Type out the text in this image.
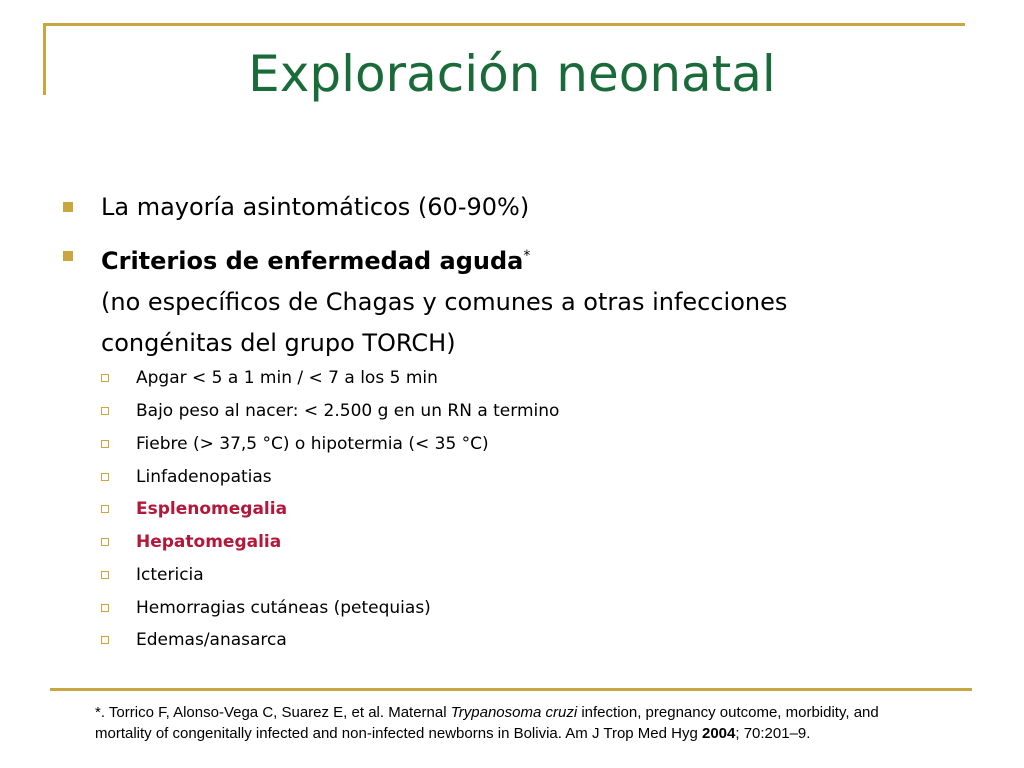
Exploración neonatal
La mayoría asintomáticos (60-90%)
Criterios de enfermedad aguda*
(no específicos de Chagas y comunes a otras infecciones
congénitas del grupo TORCH)
Apgar < 5 a 1 min / < 7 a los 5 min
Bajo peso al nacer: < 2.500 g en un RN a termino
Fiebre (> 37,5 °C) o hipotermia (< 35 °C)
Linfadenopatias
Esplenomegalia
Hepatomegalia
Ictericia
Hemorragias cutáneas (petequias)
Edemas/anasarca
*. Torrico F, Alonso-Vega C, Suarez E, et al. Maternal Trypanosoma cruzi infection, pregnancy outcome, morbidity, and mortality of congenitally infected and non-infected newborns in Bolivia. Am J Trop Med Hyg 2004; 70:201–9.
